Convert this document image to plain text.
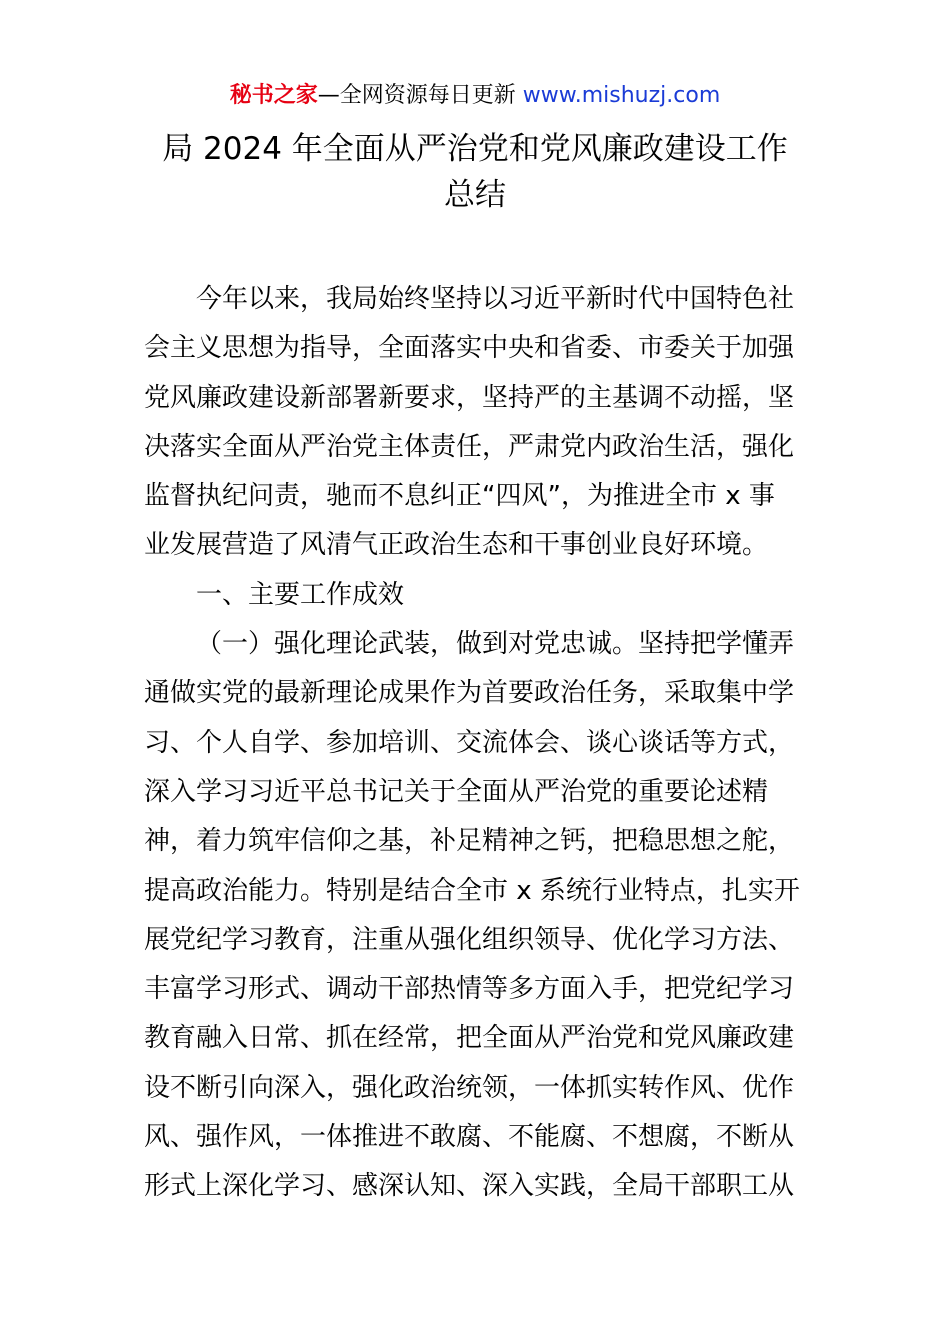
秘书之家—全网资源每日更新 www.mishuzj.com
局 2024 年全面从严治党和党风廉政建设工作
总结
今年以来，我局始终坚持以习近平新时代中国特色社
会主义思想为指导，全面落实中央和省委、市委关于加强
党风廉政建设新部署新要求，坚持严的主基调不动摇，坚
决落实全面从严治党主体责任，严肃党内政治生活，强化
监督执纪问责，驰而不息纠正“四风”，为推进全市 x 事
业发展营造了风清气正政治生态和干事创业良好环境。
一、主要工作成效
（一）强化理论武装，做到对党忠诚。坚持把学懂弄
通做实党的最新理论成果作为首要政治任务，采取集中学
习、个人自学、参加培训、交流体会、谈心谈话等方式，
深入学习习近平总书记关于全面从严治党的重要论述精
神，着力筑牢信仰之基，补足精神之钙，把稳思想之舵，
提高政治能力。特别是结合全市 x 系统行业特点，扎实开
展党纪学习教育，注重从强化组织领导、优化学习方法、
丰富学习形式、调动干部热情等多方面入手，把党纪学习
教育融入日常、抓在经常，把全面从严治党和党风廉政建
设不断引向深入，强化政治统领，一体抓实转作风、优作
风、强作风，一体推进不敢腐、不能腐、不想腐，不断从
形式上深化学习、感深认知、深入实践，全局干部职工从
